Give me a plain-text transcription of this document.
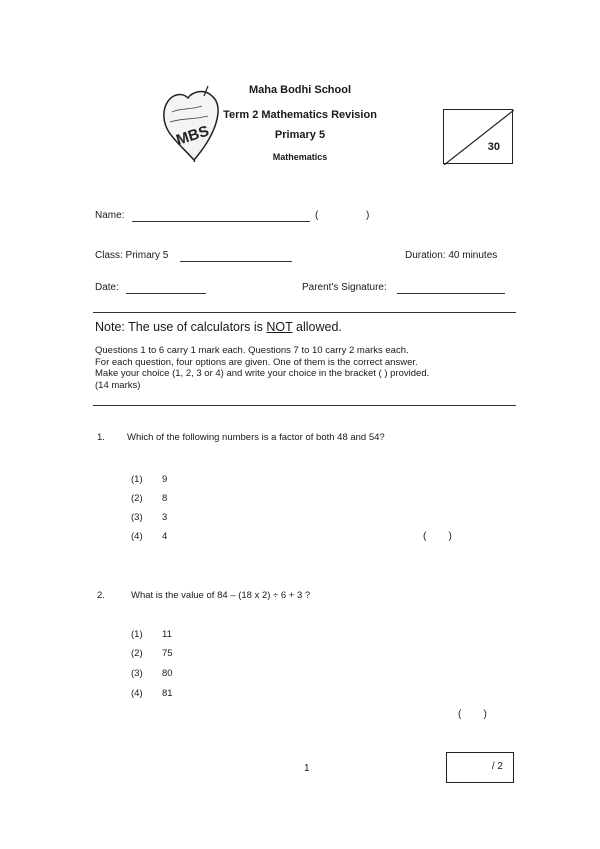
MBS
Maha Bodhi School
Term 2 Mathematics Revision
Primary 5
Mathematics
30
Name:	(	)
Class: Primary 5	Duration: 40 minutes
Date:	Parent's Signature:
Note: The use of calculators is NOT allowed.
Questions 1 to 6 carry 1 mark each. Questions 7 to 10 carry 2 marks each.
For each question, four options are given. One of them is the correct answer.
Make your choice (1, 2, 3 or 4) and write your choice in the bracket ( ) provided.
(14 marks)
1. Which of the following numbers is a factor of both 48 and 54?
(1) 9
(2) 8
(3) 3
(4) 4	(        )
2.	What is the value of 84 – (18 x 2) ÷ 6 + 3 ?
(1) 11
(2) 75
(3) 80
(4) 81
(        )
1	/ 2
